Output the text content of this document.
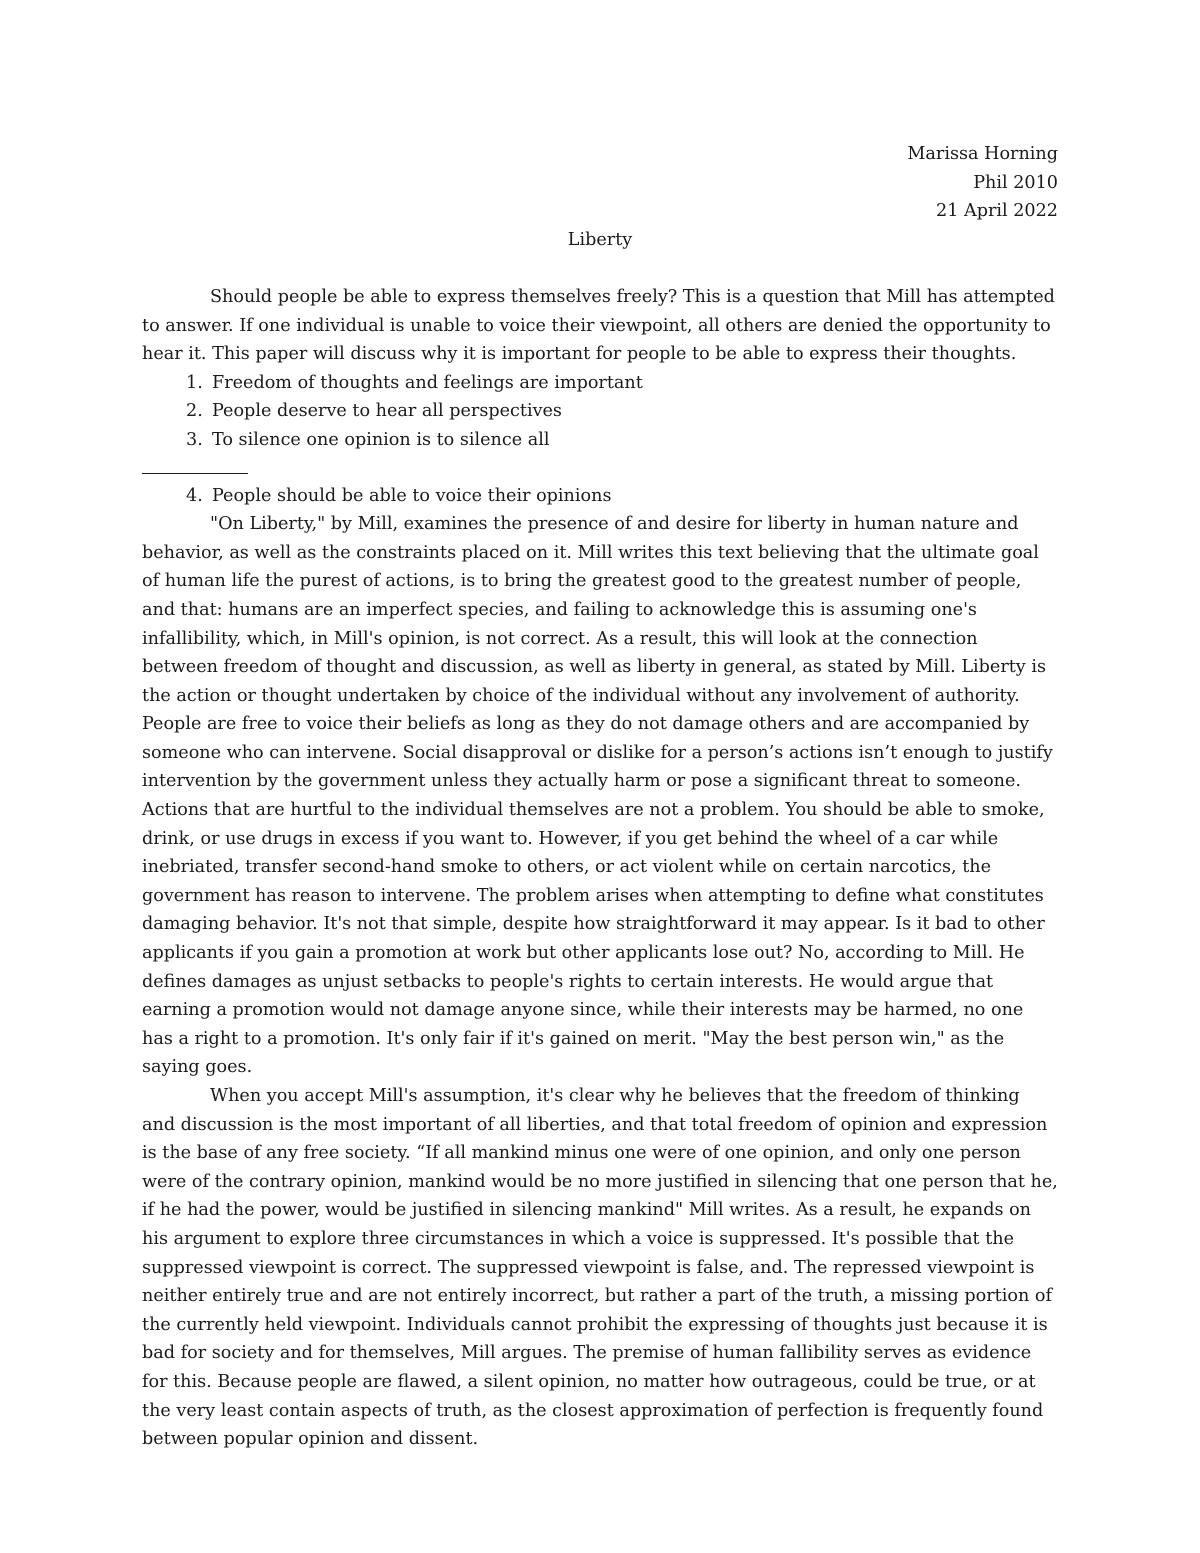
Marissa Horning
Phil 2010
21 April 2022
Liberty

Should people be able to express themselves freely? This is a question that Mill has attempted to answer. If one individual is unable to voice their viewpoint, all others are denied the opportunity to hear it. This paper will discuss why it is important for people to be able to express their thoughts.

1. Freedom of thoughts and feelings are important
2. People deserve to hear all perspectives
3. To silence one opinion is to silence all
4. People should be able to voice their opinions

"On Liberty," by Mill, examines the presence of and desire for liberty in human nature and behavior, as well as the constraints placed on it. Mill writes this text believing that the ultimate goal of human life the purest of actions, is to bring the greatest good to the greatest number of people, and that: humans are an imperfect species, and failing to acknowledge this is assuming one's infallibility, which, in Mill's opinion, is not correct. As a result, this will look at the connection between freedom of thought and discussion, as well as liberty in general, as stated by Mill. Liberty is the action or thought undertaken by choice of the individual without any involvement of authority. People are free to voice their beliefs as long as they do not damage others and are accompanied by someone who can intervene. Social disapproval or dislike for a person’s actions isn’t enough to justify intervention by the government unless they actually harm or pose a significant threat to someone. Actions that are hurtful to the individual themselves are not a problem. You should be able to smoke, drink, or use drugs in excess if you want to. However, if you get behind the wheel of a car while inebriated, transfer second-hand smoke to others, or act violent while on certain narcotics, the government has reason to intervene. The problem arises when attempting to define what constitutes damaging behavior. It's not that simple, despite how straightforward it may appear. Is it bad to other applicants if you gain a promotion at work but other applicants lose out? No, according to Mill. He defines damages as unjust setbacks to people's rights to certain interests. He would argue that earning a promotion would not damage anyone since, while their interests may be harmed, no one has a right to a promotion. It's only fair if it's gained on merit. "May the best person win," as the saying goes.

When you accept Mill's assumption, it's clear why he believes that the freedom of thinking and discussion is the most important of all liberties, and that total freedom of opinion and expression is the base of any free society. “If all mankind minus one were of one opinion, and only one person were of the contrary opinion, mankind would be no more justified in silencing that one person that he, if he had the power, would be justified in silencing mankind" Mill writes. As a result, he expands on his argument to explore three circumstances in which a voice is suppressed. It's possible that the suppressed viewpoint is correct. The suppressed viewpoint is false, and. The repressed viewpoint is neither entirely true and are not entirely incorrect, but rather a part of the truth, a missing portion of the currently held viewpoint. Individuals cannot prohibit the expressing of thoughts just because it is bad for society and for themselves, Mill argues. The premise of human fallibility serves as evidence for this. Because people are flawed, a silent opinion, no matter how outrageous, could be true, or at the very least contain aspects of truth, as the closest approximation of perfection is frequently found between popular opinion and dissent.
